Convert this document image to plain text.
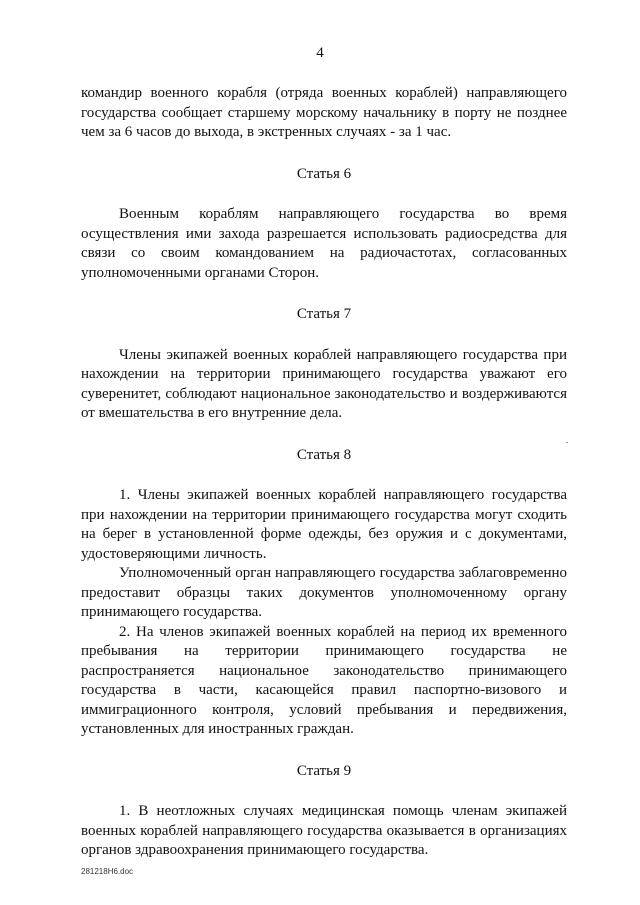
4

командир военного корабля (отряда военных кораблей) направляющего государства сообщает старшему морскому начальнику в порту не позднее чем за 6 часов до выхода, в экстренных случаях - за 1 час.

Статья 6

Военным кораблям направляющего государства во время осуществления ими захода разрешается использовать радиосредства для связи со своим командованием на радиочастотах, согласованных уполномоченными органами Сторон.

Статья 7

Члены экипажей военных кораблей направляющего государства при нахождении на территории принимающего государства уважают его суверенитет, соблюдают национальное законодательство и воздерживаются от вмешательства в его внутренние дела.

Статья 8

1. Члены экипажей военных кораблей направляющего государства при нахождении на территории принимающего государства могут сходить на берег в установленной форме одежды, без оружия и с документами, удостоверяющими личность.

Уполномоченный орган направляющего государства заблаговременно предоставит образцы таких документов уполномоченному органу принимающего государства.

2. На членов экипажей военных кораблей на период их временного пребывания на территории принимающего государства не распространяется национальное законодательство принимающего государства в части, касающейся правил паспортно-визового и иммиграционного контроля, условий пребывания и передвижения, установленных для иностранных граждан.

Статья 9

1. В неотложных случаях медицинская помощь членам экипажей военных кораблей направляющего государства оказывается в организациях органов здравоохранения принимающего государства.

281218Н6.doc
